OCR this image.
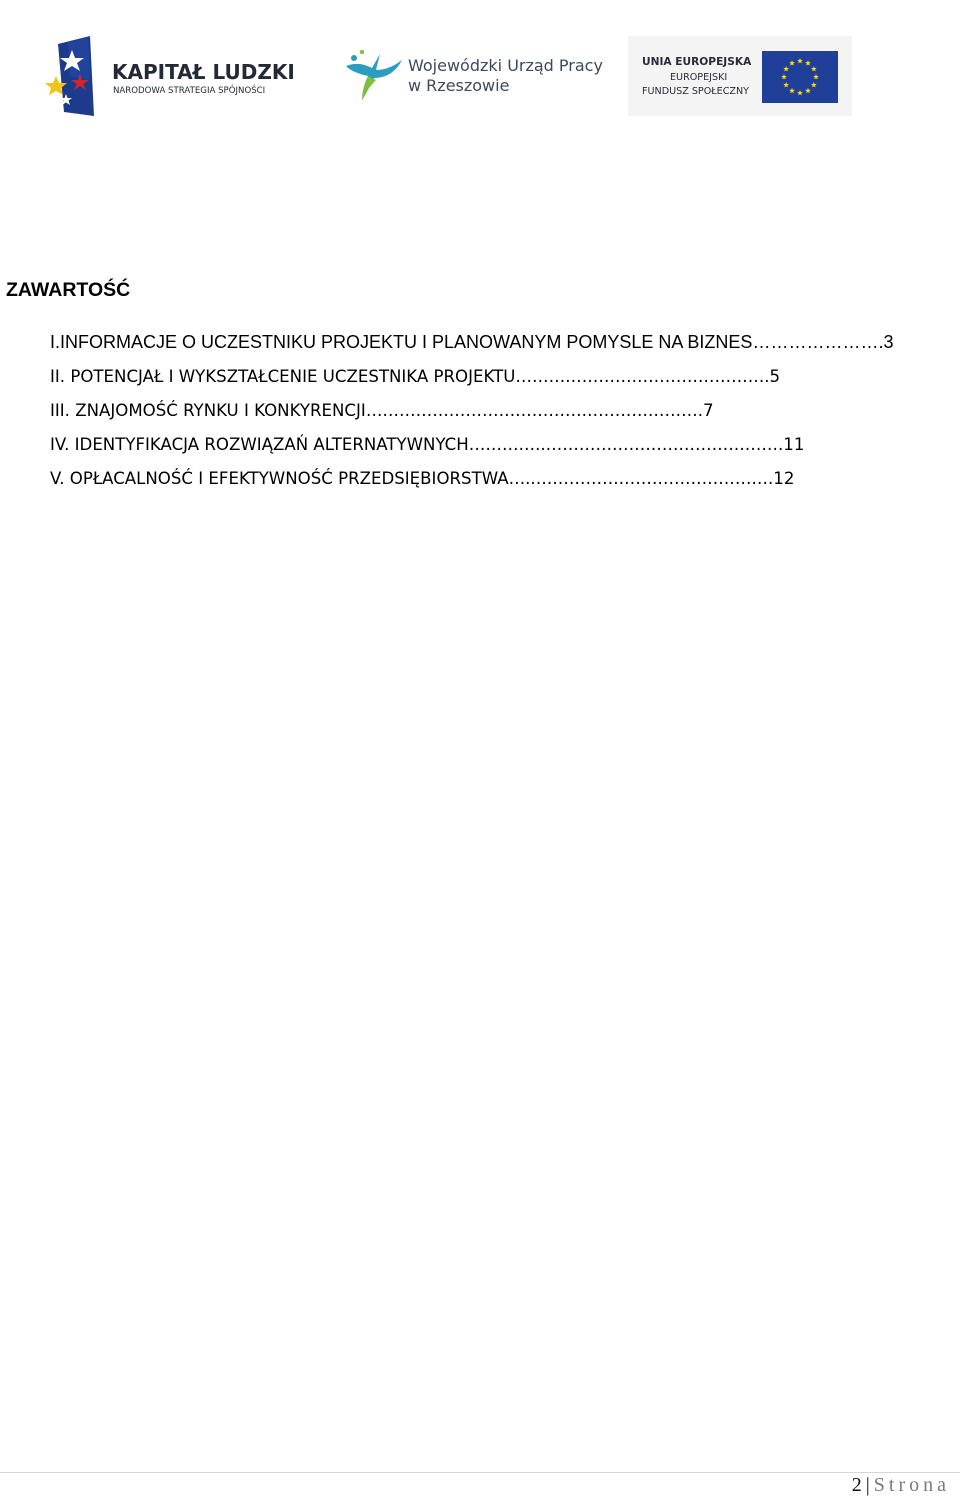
KAPITAŁ LUDZKI
NARODOWA STRATEGIA SPÓJNOŚCI
Wojewódzki Urząd Pracy
w Rzeszowie
UNIA EUROPEJSKA
EUROPEJSKI
FUNDUSZ SPOŁECZNY
ZAWARTOŚĆ
I.INFORMACJE O UCZESTNIKU PROJEKTU I PLANOWANYM POMYSLE NA BIZNES………………….3
II. POTENCJAŁ I WYKSZTAŁCENIE UCZESTNIKA PROJEKTU……………………………………….5
III. ZNAJOMOŚĆ RYNKU I KONKYRENCJI…………………………………………………….7
IV. IDENTYFIKACJA ROZWIĄZAŃ ALTERNATYWNYCH…………..…………………………………….11
V. OPŁACALNOŚĆ I EFEKTYWNOŚĆ PRZEDSIĘBIORSTWA…..…………………………………….12
2 | Strona
